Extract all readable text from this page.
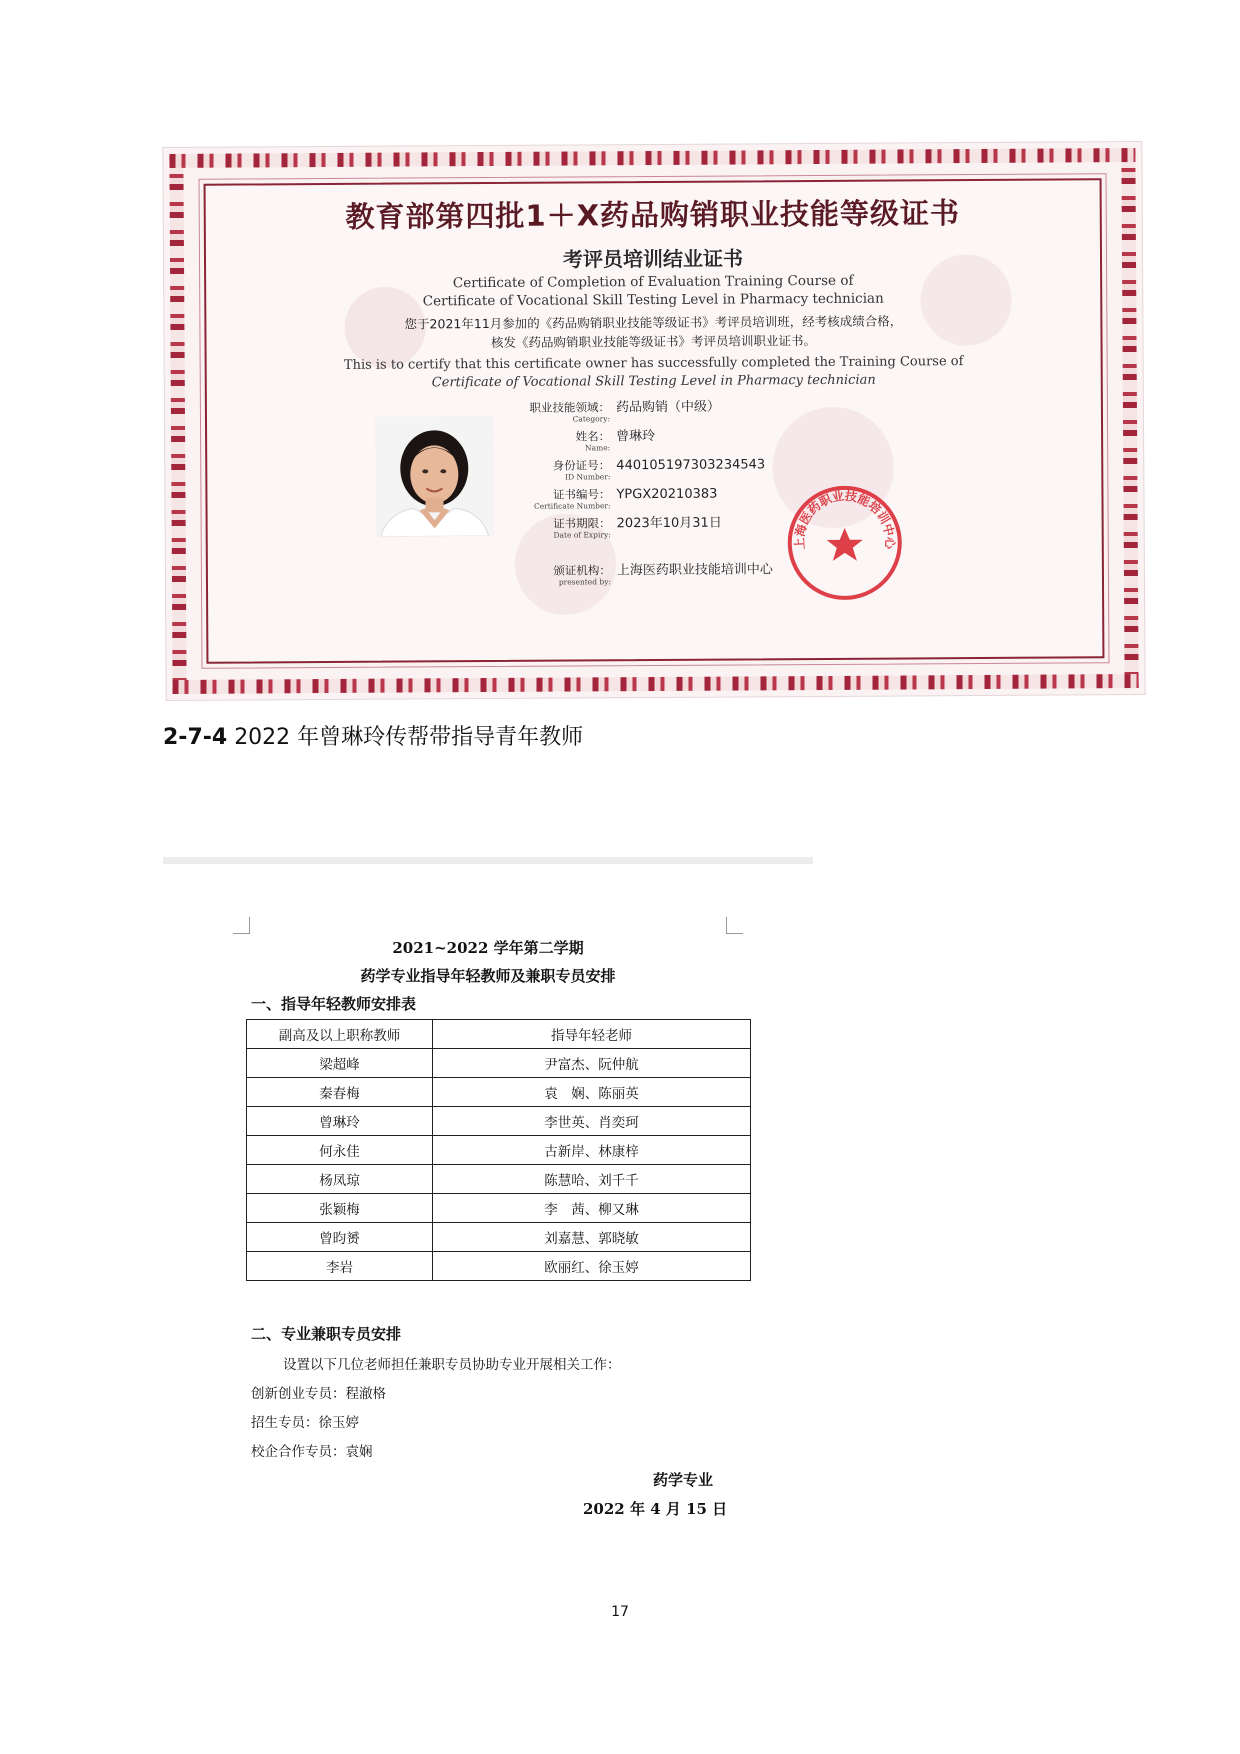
教育部第四批1＋X药品购销职业技能等级证书
考评员培训结业证书
Certificate of Completion of Evaluation Training Course of
Certificate of Vocational Skill Testing Level in Pharmacy technician
您于2021年11月参加的《药品购销职业技能等级证书》考评员培训班，经考核成绩合格，
核发《药品购销职业技能等级证书》考评员培训职业证书。
This is to certify that this certificate owner has successfully completed the Training Course of
Certificate of Vocational Skill Testing Level in Pharmacy technician
职业技能领域：
Category:
药品购销（中级）
姓名：
Name:
曾琳玲
身份证号：
ID Number:
440105197303234543
证书编号：
Certificate Number:
YPGX20210383
证书期限：
Date of Expiry:
2023年10月31日
颁证机构：
presented by:
上海医药职业技能培训中心
上海医药职业技能培训中心
2-7-4 2022 年曾琳玲传帮带指导青年教师
2021~2022 学年第二学期
药学专业指导年轻教师及兼职专员安排
一、指导年轻教师安排表
副高及以上职称教师	指导年轻老师
梁超峰	尹富杰、阮仲航
秦春梅	袁　娴、陈丽英
曾琳玲	李世英、肖奕珂
何永佳	古新岸、林康梓
杨凤琼	陈慧哈、刘千千
张颖梅	李　茜、柳又琳
曾昀赟	刘嘉慧、郭晓敏
李岩	欧丽红、徐玉婷
二、专业兼职专员安排
设置以下几位老师担任兼职专员协助专业开展相关工作：
创新创业专员：程澈格
招生专员：徐玉婷
校企合作专员：袁娴
药学专业
2022 年 4 月 15 日
17
